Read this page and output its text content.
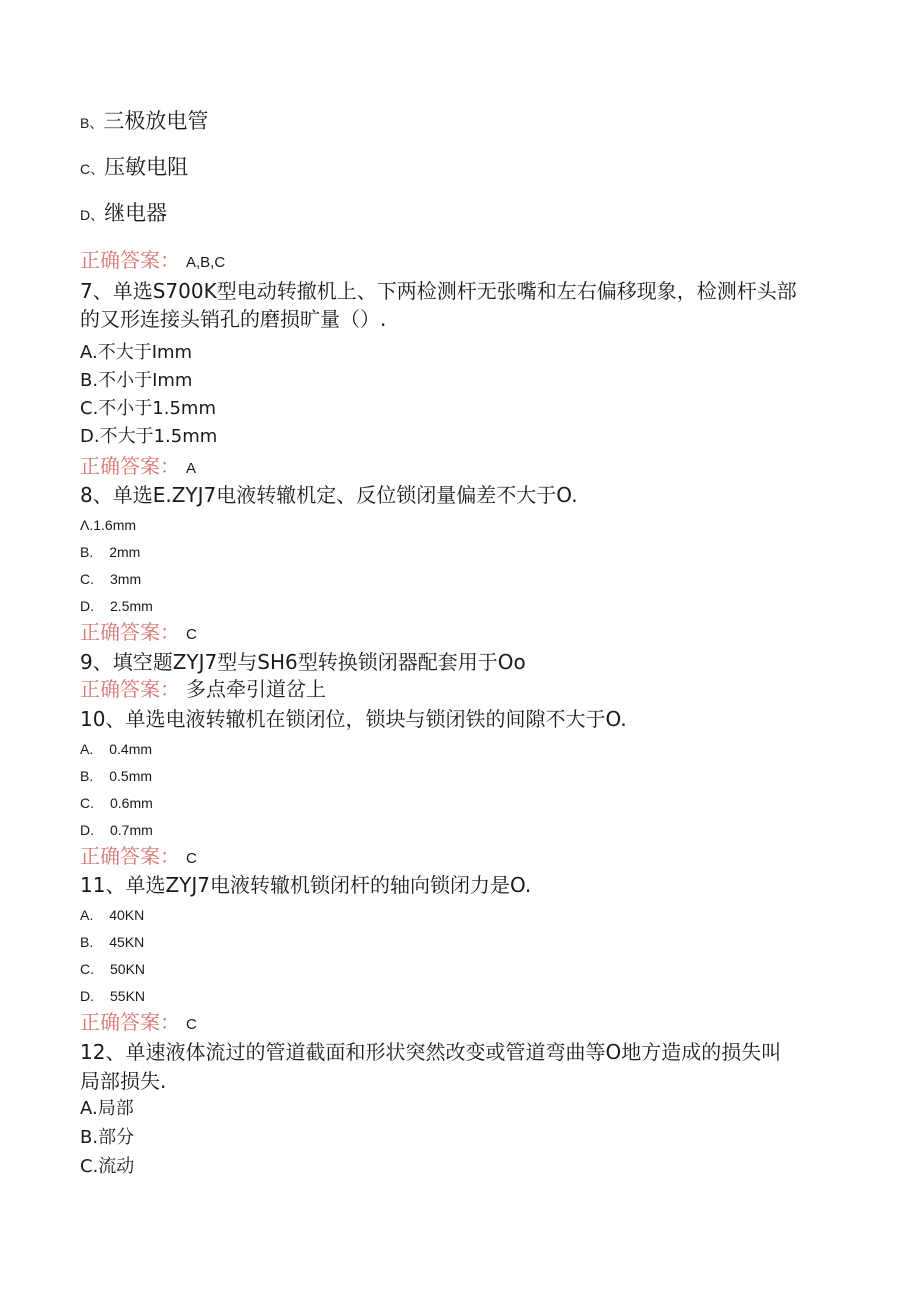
B、三极放电管
C、压敏电阻
D、继电器
正确答案： A,B,C
7、单选S700K型电动转撤机上、下两检测杆无张嘴和左右偏移现象，检测杆头部
的又形连接头销孔的磨损旷量（）.
A.不大于Imm
B.不小于Imm
C.不小于1.5mm
D.不大于1.5mm
正确答案： A
8、单选E.ZYJ7电液转辙机定、反位锁闭量偏差不大于O.
Λ.1.6mm
B. 2mm
C. 3mm
D. 2.5mm
正确答案： C
9、填空题ZYJ7型与SH6型转换锁闭器配套用于Oo
正确答案： 多点牵引道岔上
10、单选电液转辙机在锁闭位，锁块与锁闭铁的间隙不大于O.
A. 0.4mm
B. 0.5mm
C. 0.6mm
D. 0.7mm
正确答案： C
11、单选ZYJ7电液转辙机锁闭杆的轴向锁闭力是O.
A. 40KN
B. 45KN
C. 50KN
D. 55KN
正确答案： C
12、单速液体流过的管道截面和形状突然改变或管道弯曲等O地方造成的损失叫
局部损失.
A.局部
B.部分
C.流动
